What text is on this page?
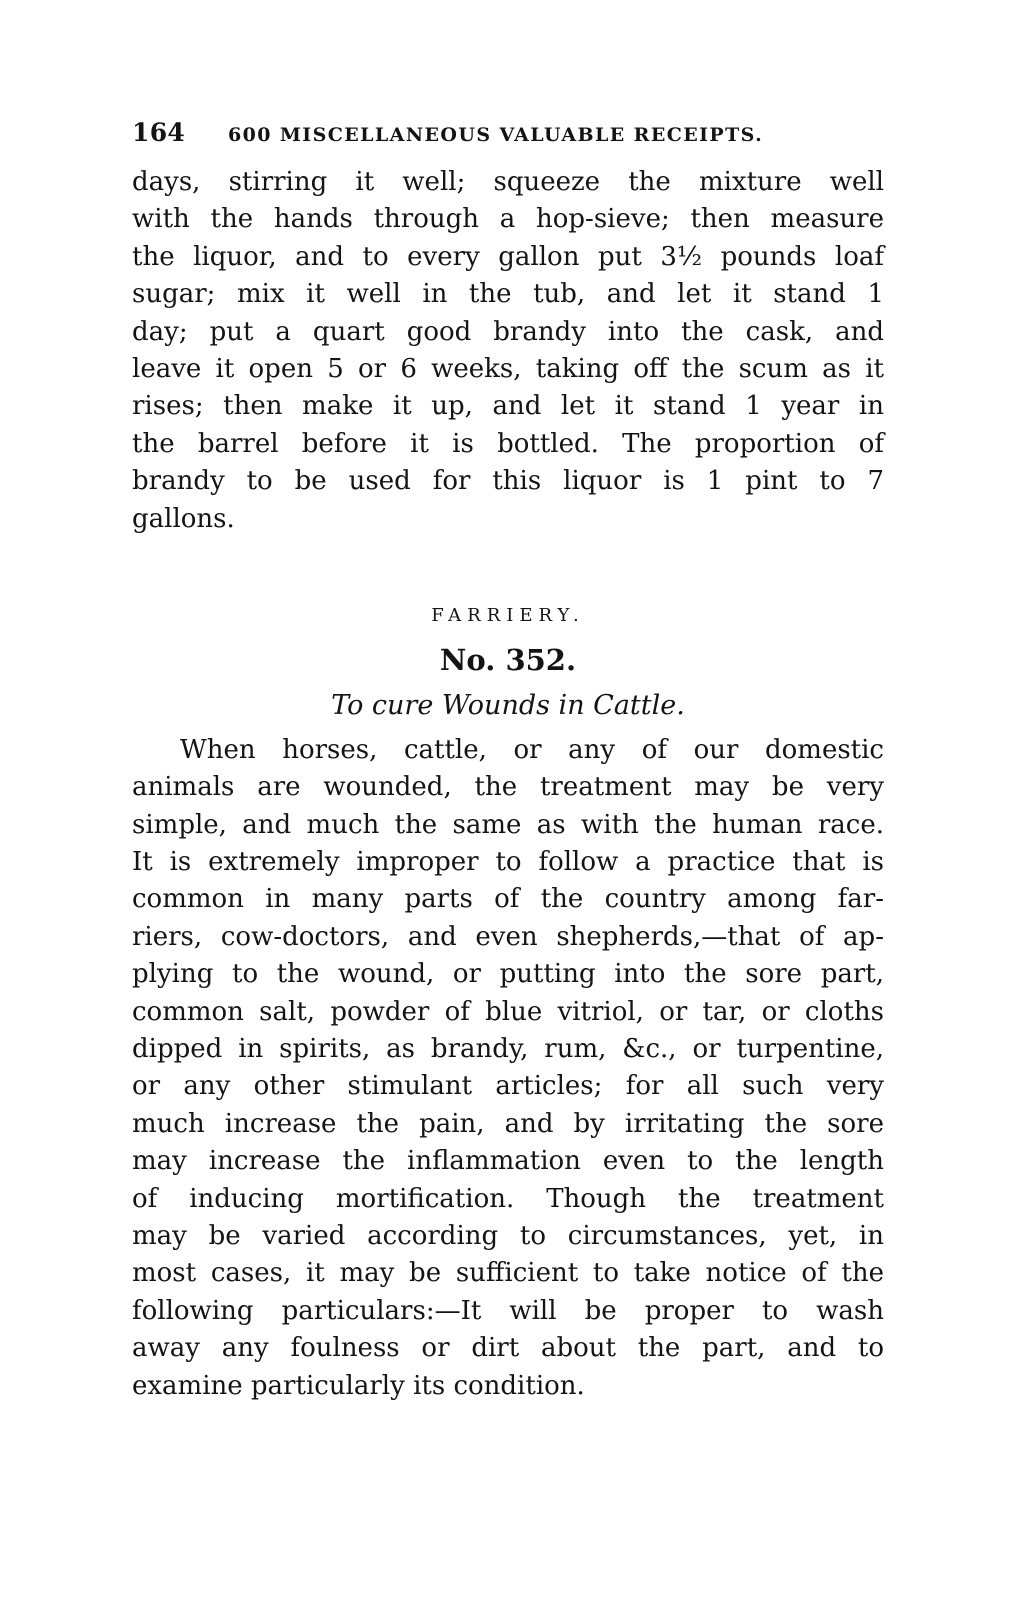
164 600 MISCELLANEOUS VALUABLE RECEIPTS.
days, stirring it well; squeeze the mixture well
with the hands through a hop-sieve; then measure
the liquor, and to every gallon put 3½ pounds loaf
sugar; mix it well in the tub, and let it stand 1
day; put a quart good brandy into the cask, and
leave it open 5 or 6 weeks, taking off the scum as it
rises; then make it up, and let it stand 1 year in
the barrel before it is bottled. The proportion of
brandy to be used for this liquor is 1 pint to 7
gallons.
FARRIERY.
No. 352.
To cure Wounds in Cattle.
When horses, cattle, or any of our domestic
animals are wounded, the treatment may be very
simple, and much the same as with the human race.
It is extremely improper to follow a practice that is
common in many parts of the country among far-
riers, cow-doctors, and even shepherds,—that of ap-
plying to the wound, or putting into the sore part,
common salt, powder of blue vitriol, or tar, or cloths
dipped in spirits, as brandy, rum, &c., or turpentine,
or any other stimulant articles; for all such very
much increase the pain, and by irritating the sore
may increase the inflammation even to the length
of inducing mortification. Though the treatment
may be varied according to circumstances, yet, in
most cases, it may be sufficient to take notice of the
following particulars:—It will be proper to wash
away any foulness or dirt about the part, and to
examine particularly its condition.
